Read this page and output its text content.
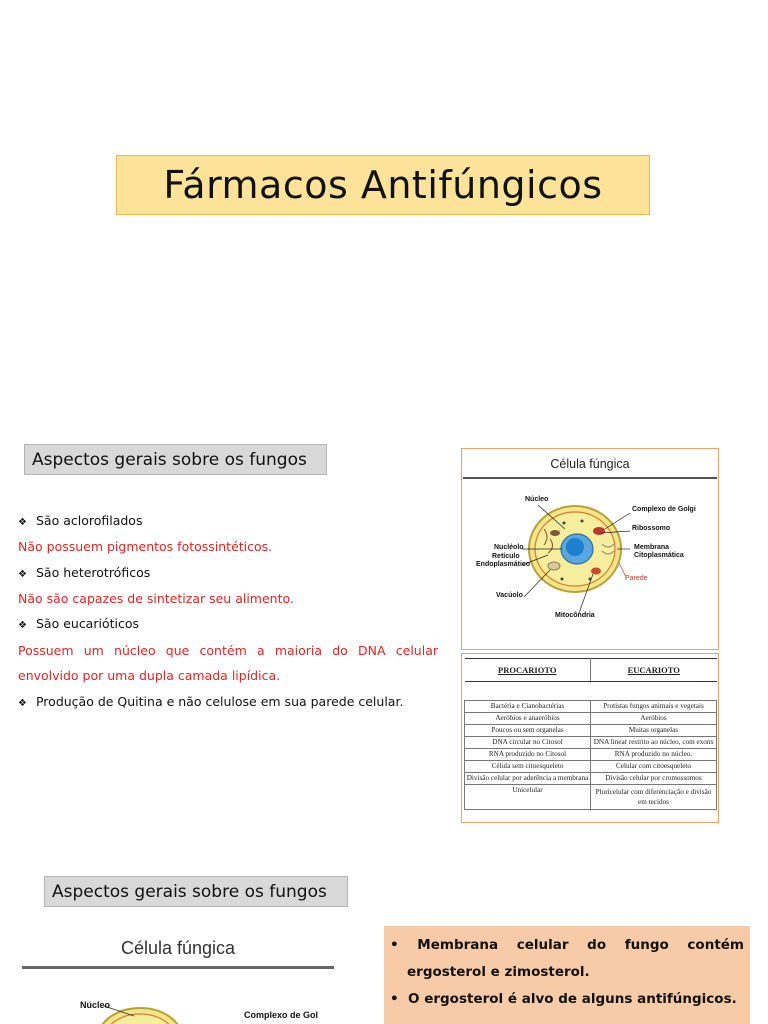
Fármacos Antifúngicos
Aspectos gerais sobre os fungos
❖ São aclorofilados
Não possuem pigmentos fotossintéticos.
❖ São heterotróficos
Não são capazes de sintetizar seu alimento.
❖ São eucarióticos
Possuem um núcleo que contém a maioria do DNA celular
envolvido por uma dupla camada lipídica.
❖ Produção de Quitina e não celulose em sua parede celular.
Célula fúngica
Núcleo
Complexo de Golgi
Ribossomo
Nucléolo	Membrana
Retículo	Citoplasmática
Endoplasmático
Parede
Vacúolo
Mitocôndria
PROCARIOTO	EUCARIOTO

Bactéria e Cianobactérias	Protistas fungos animais e vegetais
Aeróbios e anaeróbios	Aeróbios
Poucos ou sem organelas	Muitas organelas
DNA circular no Citosol	DNA linear restrito ao núcleo, com exons
RNA produzido no Citosol	RNA produzido no núcleo.
Célula sem citoesqueleto	Celular com citoesqueleto
Divisão celular por aderência a membrana	Divisão celular por cromossomos
Unicelular	Pluricelular com diferenciação e divisão em tecidos
Aspectos gerais sobre os fungos
Célula fúngica
Núcleo
Complexo de Gol
• Membrana celular do fungo contém
ergosterol e zimosterol.
•  O ergosterol é alvo de alguns antifúngicos.
